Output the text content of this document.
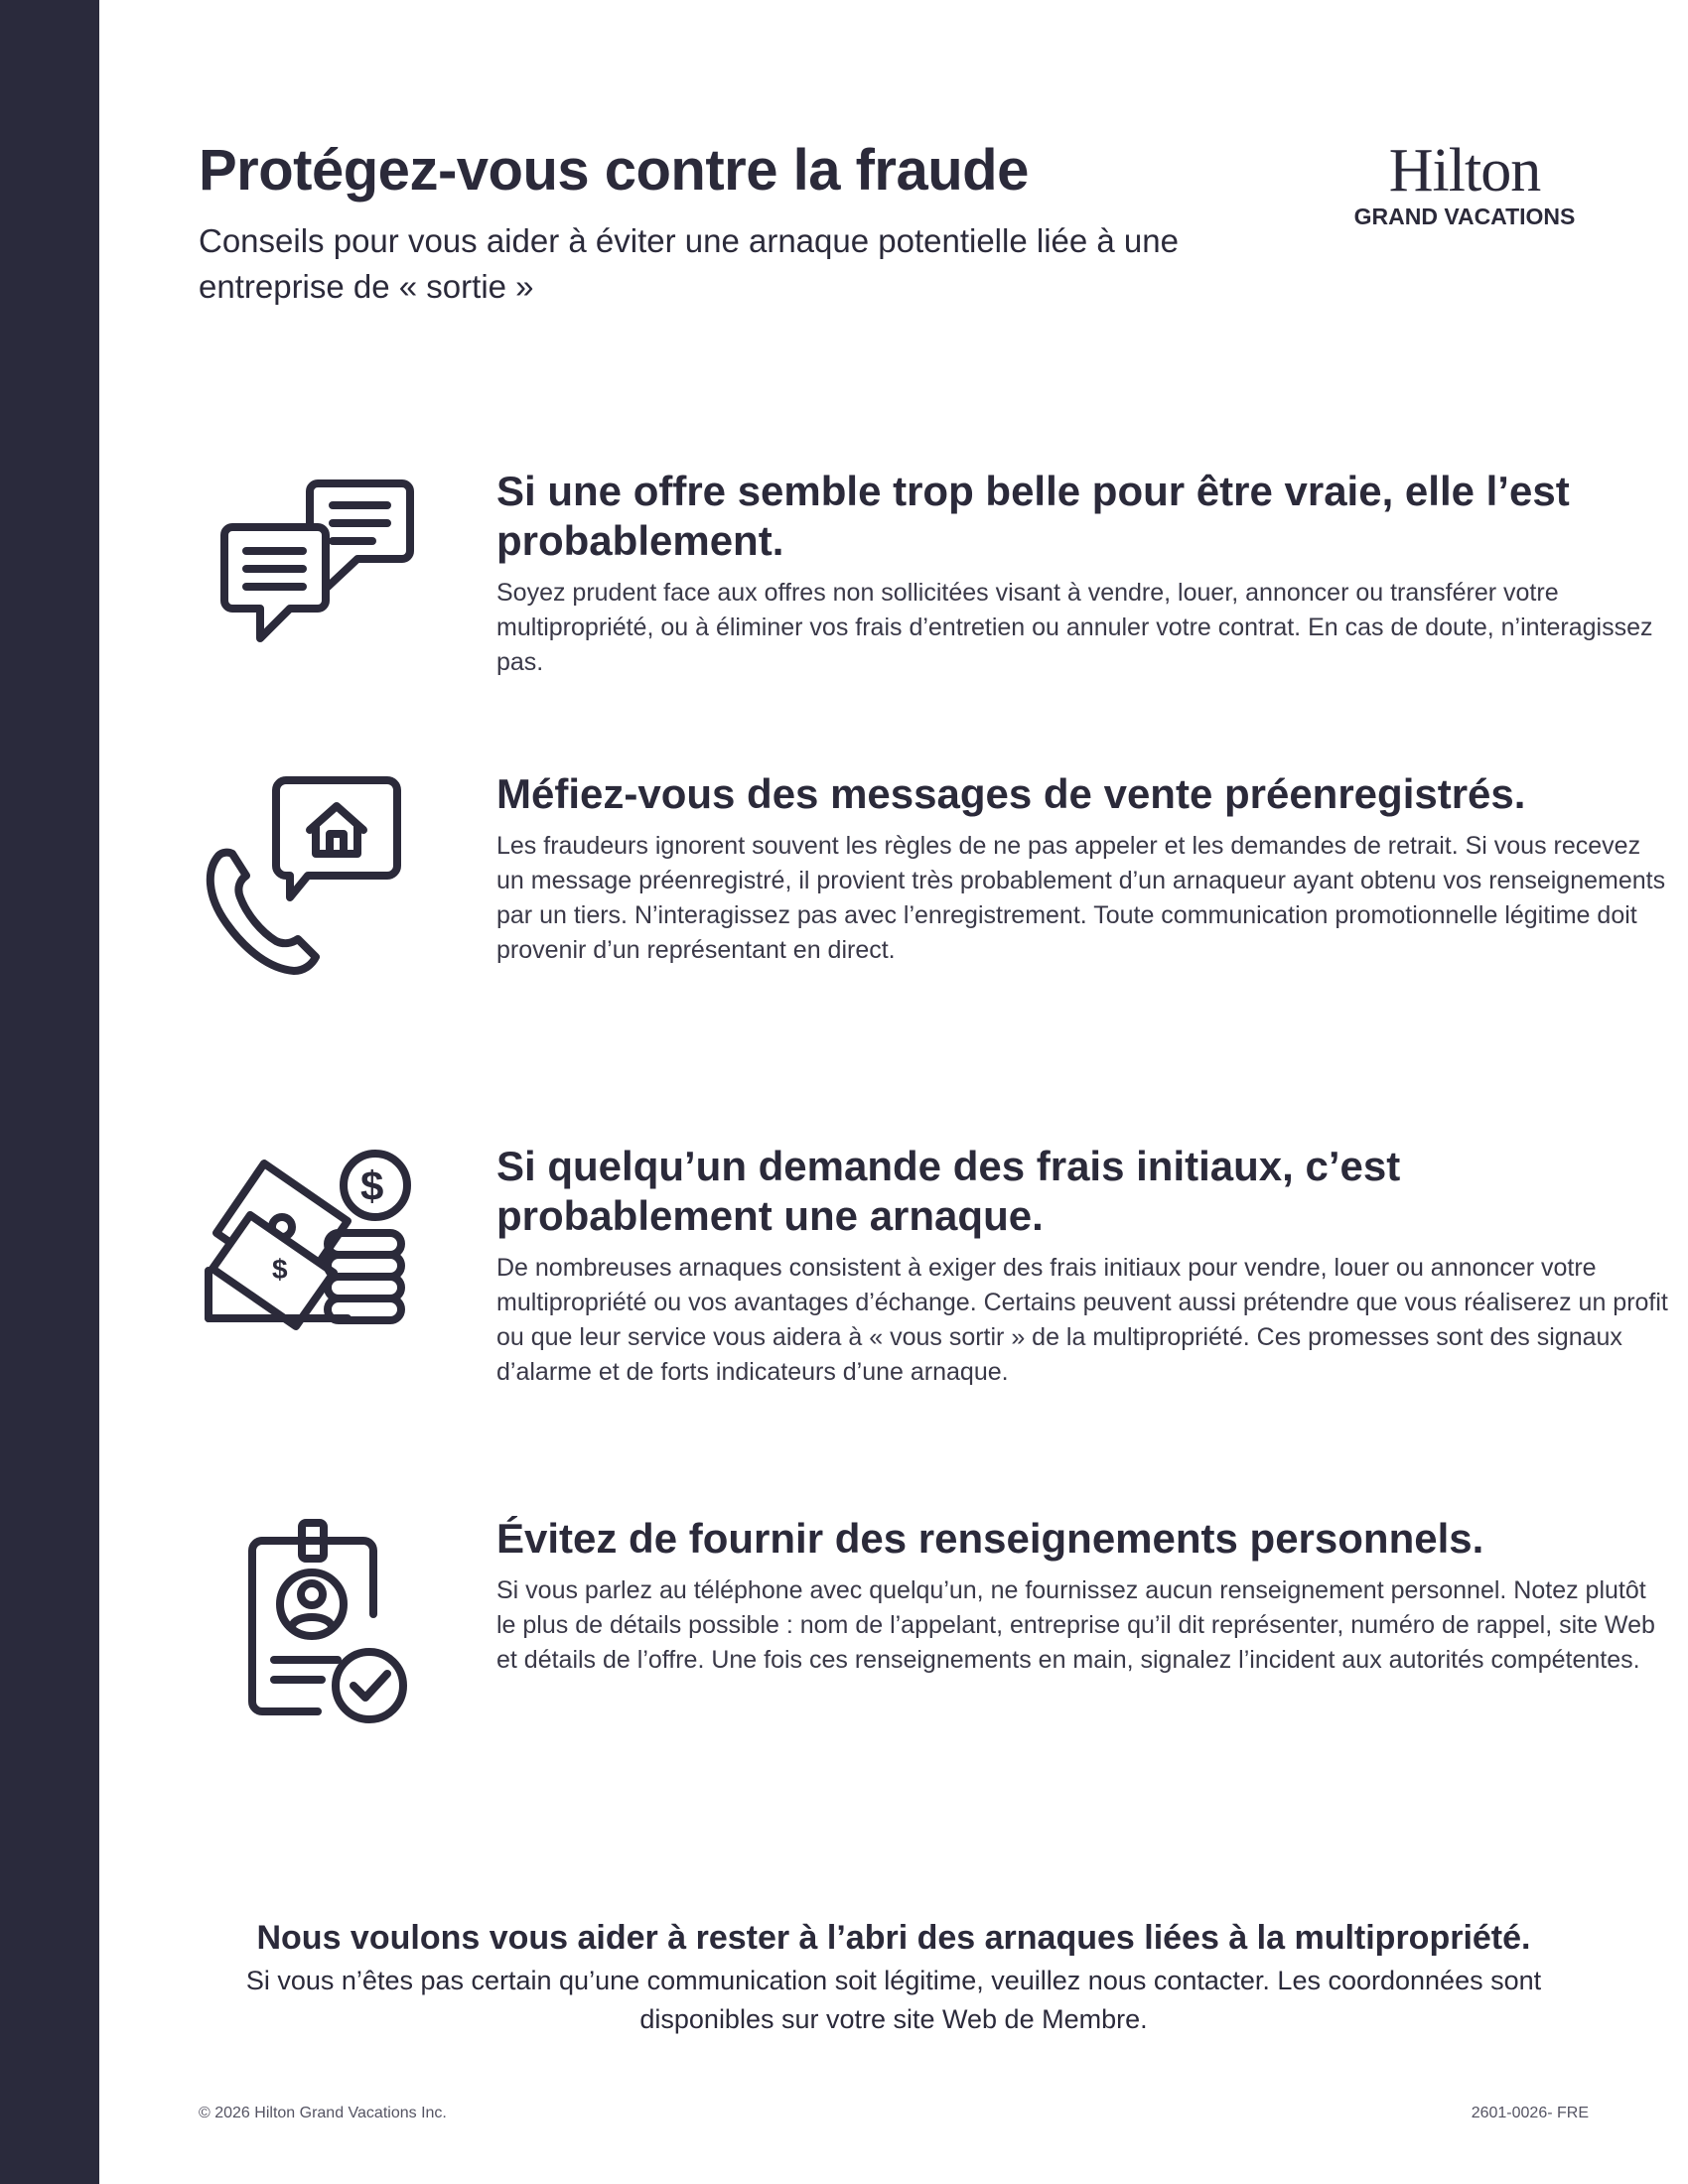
Protégez-vous contre la fraude

Conseils pour vous aider à éviter une arnaque potentielle liée à une entreprise de « sortie »

Hilton
GRAND VACATIONS
Si une offre semble trop belle pour être vraie, elle l’est probablement.

Soyez prudent face aux offres non sollicitées visant à vendre, louer, annoncer ou transférer votre multipropriété, ou à éliminer vos frais d’entretien ou annuler votre contrat. En cas de doute, n’interagissez pas.

Méfiez-vous des messages de vente préenregistrés.

Les fraudeurs ignorent souvent les règles de ne pas appeler et les demandes de retrait. Si vous recevez un message préenregistré, il provient très probablement d’un arnaqueur ayant obtenu vos renseignements par un tiers. N’interagissez pas avec l’enregistrement. Toute communication promotionnelle légitime doit provenir d’un représentant en direct.

$
$	Si quelqu’un demande des frais initiaux, c’est probablement une arnaque.

De nombreuses arnaques consistent à exiger des frais initiaux pour vendre, louer ou annoncer votre multipropriété ou vos avantages d’échange. Certains peuvent aussi prétendre que vous réaliserez un profit ou que leur service vous aidera à « vous sortir » de la multipropriété. Ces promesses sont des signaux d’alarme et de forts indicateurs d’une arnaque.

Évitez de fournir des renseignements personnels.

Si vous parlez au téléphone avec quelqu’un, ne fournissez aucun renseignement personnel. Notez plutôt le plus de détails possible : nom de l’appelant, entreprise qu’il dit représenter, numéro de rappel, site Web et détails de l’offre. Une fois ces renseignements en main, signalez l’incident aux autorités compétentes.

Nous voulons vous aider à rester à l’abri des arnaques liées à la multipropriété.

Si vous n’êtes pas certain qu’une communication soit légitime, veuillez nous contacter. Les coordonnées sont disponibles sur votre site Web de Membre.

© 2026 Hilton Grand Vacations Inc.	2601-0026- FRE
